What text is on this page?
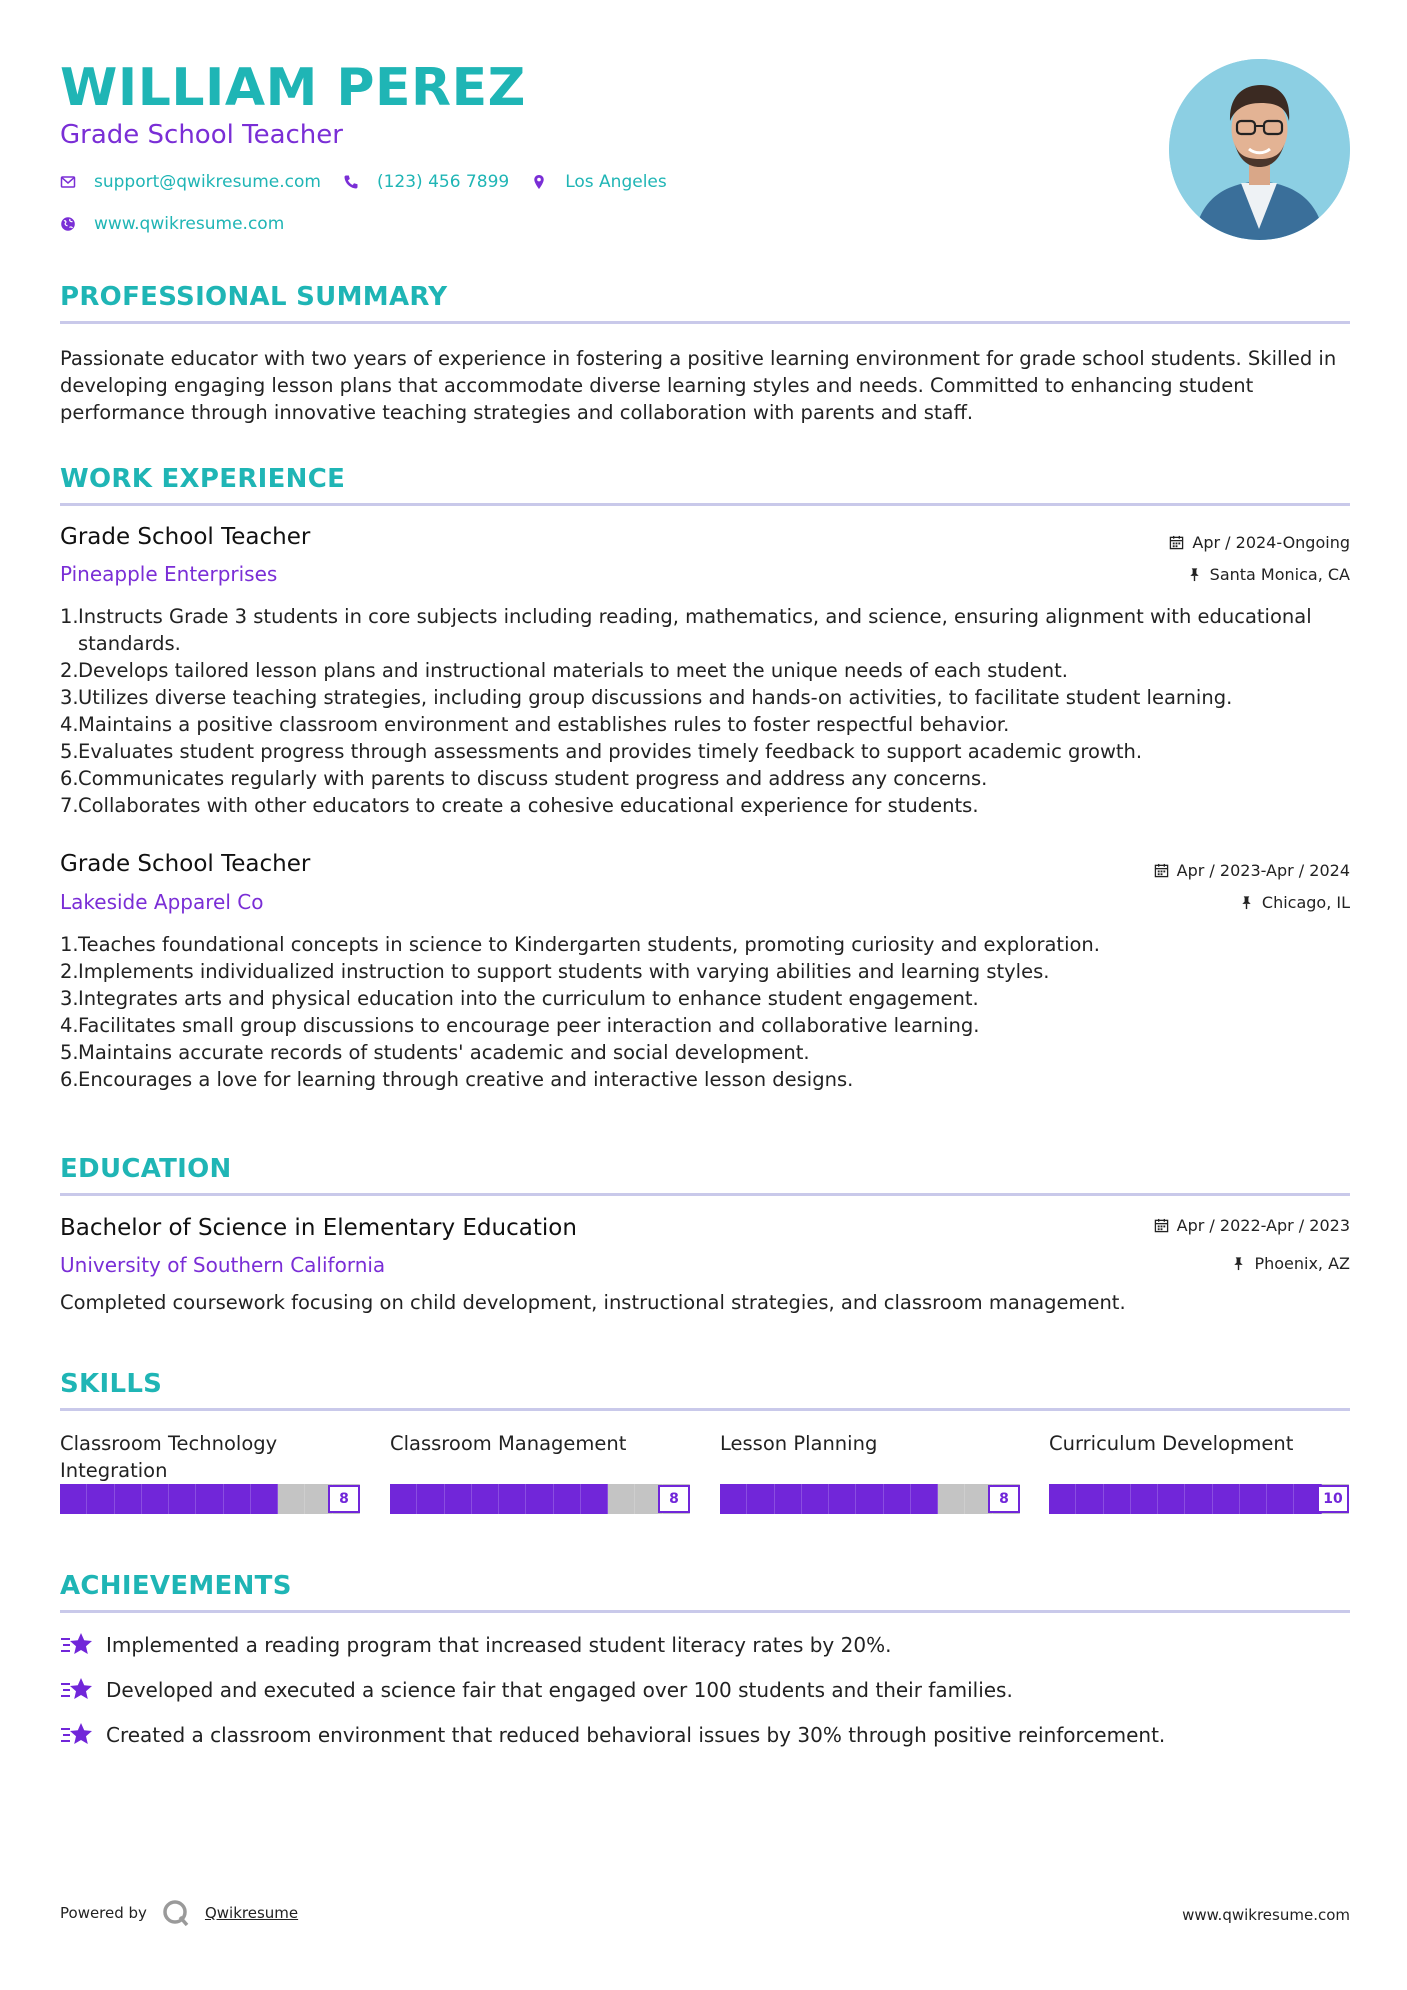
WILLIAM PEREZ
Grade School Teacher
support@qwikresume.com	(123) 456 7899	Los Angeles
www.qwikresume.com
PROFESSIONAL SUMMARY
Passionate educator with two years of experience in fostering a positive learning environment for grade school students. Skilled in developing engaging lesson plans that accommodate diverse learning styles and needs. Committed to enhancing student performance through innovative teaching strategies and collaboration with parents and staff.
WORK EXPERIENCE
Grade School Teacher	Apr / 2024-Ongoing
Pineapple Enterprises	Santa Monica, CA
1. Instructs Grade 3 students in core subjects including reading, mathematics, and science, ensuring alignment with educational standards.
2. Develops tailored lesson plans and instructional materials to meet the unique needs of each student.
3. Utilizes diverse teaching strategies, including group discussions and hands-on activities, to facilitate student learning.
4. Maintains a positive classroom environment and establishes rules to foster respectful behavior.
5. Evaluates student progress through assessments and provides timely feedback to support academic growth.
6. Communicates regularly with parents to discuss student progress and address any concerns.
7. Collaborates with other educators to create a cohesive educational experience for students.
Grade School Teacher	Apr / 2023-Apr / 2024
Lakeside Apparel Co	Chicago, IL
1. Teaches foundational concepts in science to Kindergarten students, promoting curiosity and exploration.
2. Implements individualized instruction to support students with varying abilities and learning styles.
3. Integrates arts and physical education into the curriculum to enhance student engagement.
4. Facilitates small group discussions to encourage peer interaction and collaborative learning.
5. Maintains accurate records of students' academic and social development.
6. Encourages a love for learning through creative and interactive lesson designs.
EDUCATION
Bachelor of Science in Elementary Education	Apr / 2022-Apr / 2023
University of Southern California	Phoenix, AZ
Completed coursework focusing on child development, instructional strategies, and classroom management.
SKILLS
Classroom Technology Integration
8
Classroom Management
8
Lesson Planning
8
Curriculum Development
10
ACHIEVEMENTS
Implemented a reading program that increased student literacy rates by 20%.
Developed and executed a science fair that engaged over 100 students and their families.
Created a classroom environment that reduced behavioral issues by 30% through positive reinforcement.
Powered by	Qwikresume	www.qwikresume.com
